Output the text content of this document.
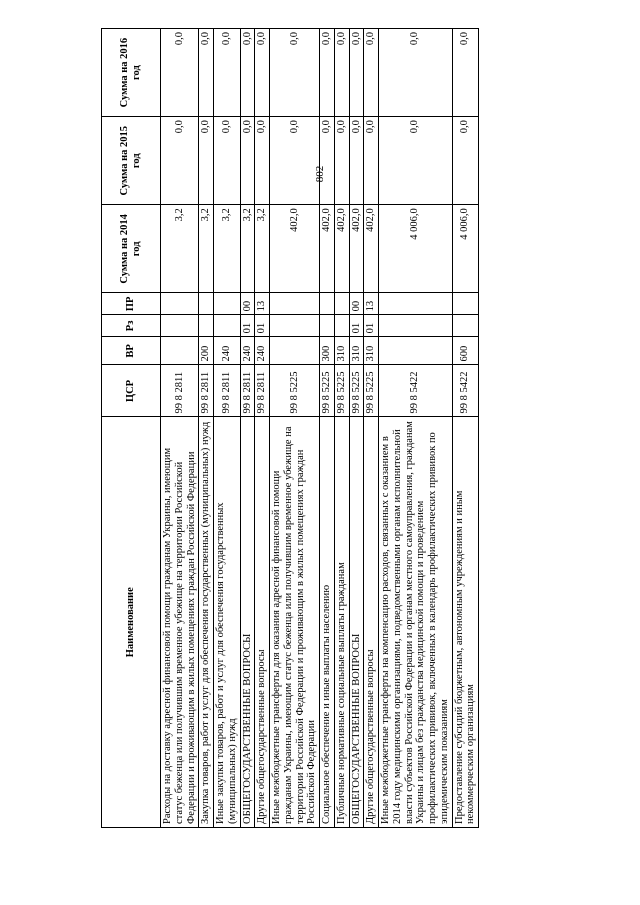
802
Наименование	ЦСР	ВР	Рз	ПР	Сумма на 2014 год	Сумма на 2015 год	Сумма на 2016 год
Расходы на доставку адресной финансовой помощи гражданам Украины, имеющим статус беженца или получившим временное убежище на территории Российской Федерации и проживающим в жилых помещениях граждан Российской Федерации	99 8 2811				3,2	0,0	0,0
Закупка товаров, работ и услуг для обеспечения государственных (муниципальных) нужд	99 8 2811	200			3,2	0,0	0,0
Иные закупки товаров, работ и услуг для обеспечения государственных (муниципальных) нужд	99 8 2811	240			3,2	0,0	0,0
ОБЩЕГОСУДАРСТВЕННЫЕ ВОПРОСЫ	99 8 2811	240	01	00	3,2	0,0	0,0
Другие общегосударственные вопросы	99 8 2811	240	01	13	3,2	0,0	0,0
Иные межбюджетные трансферты для оказания адресной финансовой помощи гражданам Украины, имеющим статус беженца или получившим временное убежище на территории Российской Федерации и проживающим в жилых помещениях граждан Российской Федерации	99 8 5225				402,0	0,0	0,0
Социальное обеспечение и иные выплаты населению	99 8 5225	300			402,0	0,0	0,0
Публичные нормативные социальные выплаты гражданам	99 8 5225	310			402,0	0,0	0,0
ОБЩЕГОСУДАРСТВЕННЫЕ ВОПРОСЫ	99 8 5225	310	01	00	402,0	0,0	0,0
Другие общегосударственные вопросы	99 8 5225	310	01	13	402,0	0,0	0,0
Иные межбюджетные трансферты на компенсацию расходов, связанных с оказанием в 2014 году медицинскими организациями, подведомственными органам исполнительной власти субъектов Российской Федерации и органам местного самоуправления, гражданам Украины и лицам без гражданства медицинской помощи и проведением профилактических прививок, включенных в календарь профилактических прививок по эпидемическим показаниям	99 8 5422				4 006,0	0,0	0,0
Предоставление субсидий бюджетным, автономным учреждениям и иным некоммерческим организациям	99 8 5422	600			4 006,0	0,0	0,0
